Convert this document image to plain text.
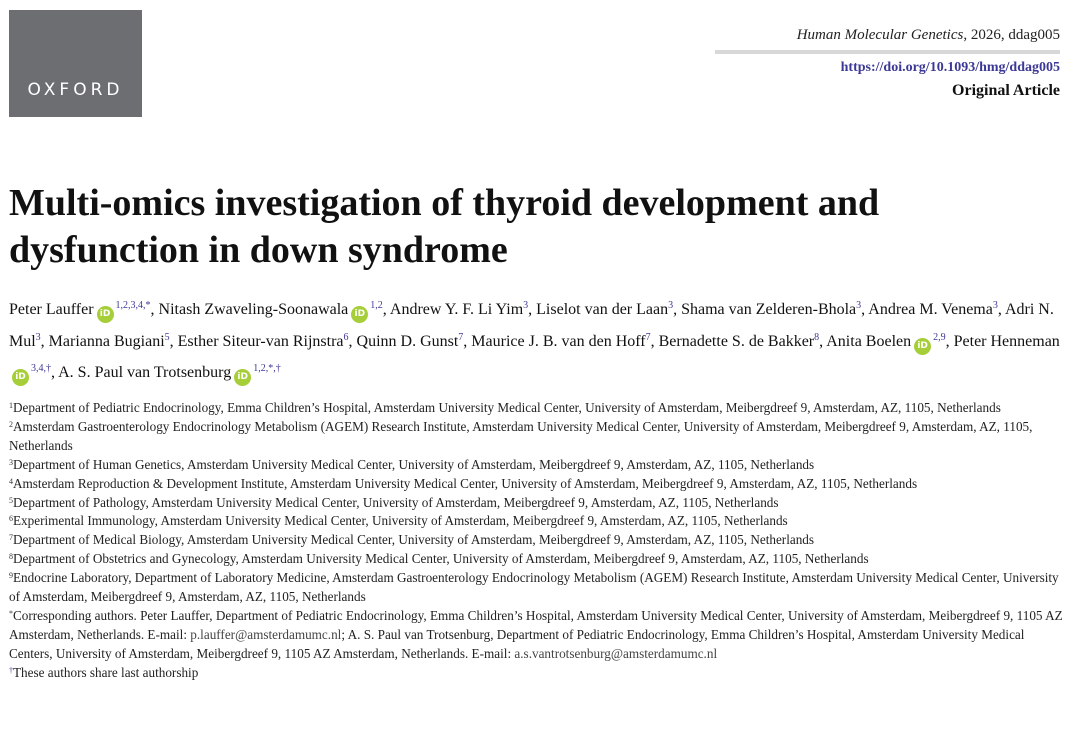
OXFORD
Human Molecular Genetics, 2026, ddag005
https://doi.org/10.1093/hmg/ddag005
Original Article
Multi-omics investigation of thyroid development and
dysfunction in down syndrome
Peter Lauffer $iD^{1,2,3,4,*}$, Nitash Zwaveling-Soonawala iD$^{1,2}$, Andrew Y. F. Li Yim$^3$, Liselot van der Laan$^3$, Shama van Zelderen-Bhola$^3$, Andrea M. Venema$^3$, Adri N. Mul$^3$, Marianna Bugiani$^5$, Esther Siteur-van Rijnstra$^6$, Quinn D. Gunst$^7$, Maurice J. B. van den Hoff$^7$, Bernadette S. de Bakker$^8$, Anita Boelen iD$^{2,9}$, Peter HennemaniD$^{3,4,\dagger}$, A. S. Paul van Trotsenburg $iD^{1,2,*,\dagger}$

$^1$Department of Pediatric Endocrinology, Emma Children’s Hospital, Amsterdam University Medical Center, University of Amsterdam, Meibergdreef 9, Amsterdam, AZ, 1105, Netherlands

$^2$Amsterdam Gastroenterology Endocrinology Metabolism (AGEM) Research Institute, Amsterdam University Medical Center, University of Amsterdam, Meibergdreef 9, Amsterdam, AZ, 1105, Netherlands

$^3$Department of Human Genetics, Amsterdam University Medical Center, University of Amsterdam, Meibergdreef 9, Amsterdam, AZ, 1105, Netherlands

$^4$Amsterdam Reproduction & Development Institute, Amsterdam University Medical Center, University of Amsterdam, Meibergdreef 9, Amsterdam, AZ, 1105, Netherlands

$^5$Department of Pathology, Amsterdam University Medical Center, University of Amsterdam, Meibergdreef 9, Amsterdam, AZ, 1105, Netherlands

$^6$Experimental Immunology, Amsterdam University Medical Center, University of Amsterdam, Meibergdreef 9, Amsterdam, AZ, 1105, Netherlands

$^7$Department of Medical Biology, Amsterdam University Medical Center, University of Amsterdam, Meibergdreef 9, Amsterdam, AZ, 1105, Netherlands

$^8$Department of Obstetrics and Gynecology, Amsterdam University Medical Center, University of Amsterdam, Meibergdreef 9, Amsterdam, AZ, 1105, Netherlands

$^9$Endocrine Laboratory, Department of Laboratory Medicine, Amsterdam Gastroenterology Endocrinology Metabolism (AGEM) Research Institute, Amsterdam University Medical Center, University of Amsterdam, Meibergdreef 9, Amsterdam, AZ, 1105, Netherlands

*Corresponding authors. Peter Lauffer, Department of Pediatric Endocrinology, Emma Children’s Hospital, Amsterdam University Medical Center, University of Amsterdam, Meibergdreef 9, 1105 AZ Amsterdam, Netherlands. E-mail: p.lauffer@amsterdamumc.nl; A. S. Paul van Trotsenburg, Department of Pediatric Endocrinology, Emma Children’s Hospital, Amsterdam University Medical Centers, University of Amsterdam, Meibergdreef 9, 1105 AZ Amsterdam, Netherlands. E-mail: a.s.vantrotsenburg@amsterdamumc.nl

†These authors share last authorship
